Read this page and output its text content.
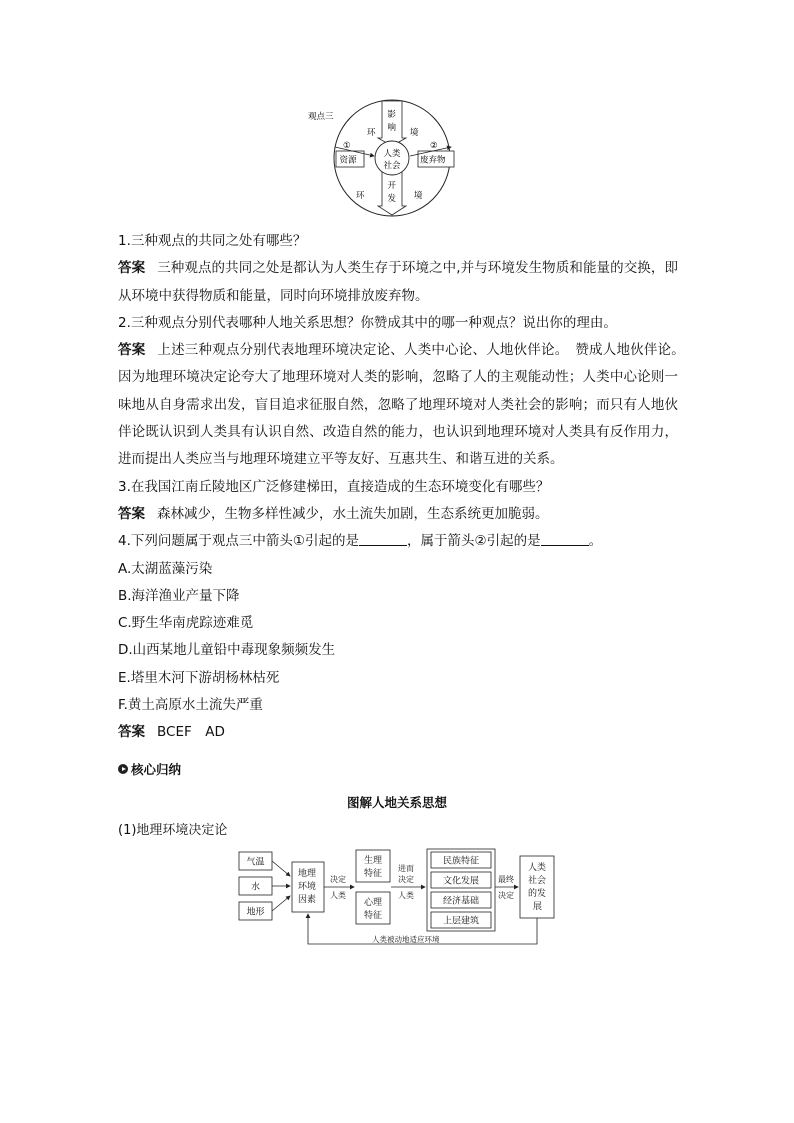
观点三
环	境
环	境
影
响
开
发
资源	废弃物
①	②
人类
社会
1.三种观点的共同之处有哪些？
答案 三种观点的共同之处是都认为人类生存于环境之中,并与环境发生物质和能量的交换，即从环境中获得物质和能量，同时向环境排放废弃物。
2.三种观点分别代表哪种人地关系思想？你赞成其中的哪一种观点？说出你的理由。
答案 上述三种观点分别代表地理环境决定论、人类中心论、人地伙伴论。　赞成人地伙伴论。　因为地理环境决定论夸大了地理环境对人类的影响，忽略了人的主观能动性；人类中心论则一味地从自身需求出发，盲目追求征服自然，忽略了地理环境对人类社会的影响；而只有人地伙伴论既认识到人类具有认识自然、改造自然的能力，也认识到地理环境对人类具有反作用力，进而提出人类应当与地理环境建立平等友好、互惠共生、和谐互进的关系。
3.在我国江南丘陵地区广泛修建梯田，直接造成的生态环境变化有哪些？
答案 森林减少，生物多样性减少，水土流失加剧，生态系统更加脆弱。
4.下列问题属于观点三中箭头①引起的是	，属于箭头②引起的是	。
A.太湖蓝藻污染
B.海洋渔业产量下降
C.野生华南虎踪迹难觅
D.山西某地儿童铅中毒现象频频发生
E.塔里木河下游胡杨林枯死
F.黄土高原水土流失严重
答案 BCEF　AD
核心归纳
图解人地关系思想
(1)地理环境决定论
气温
水
地形
地理
环境
因素
决定
人类
生理
特征
心理
特征
进而
决定
人类
民族特征
文化发展
经济基础
上层建筑
最终
决定
人类
社会
的发
展
人类被动地适应环境
